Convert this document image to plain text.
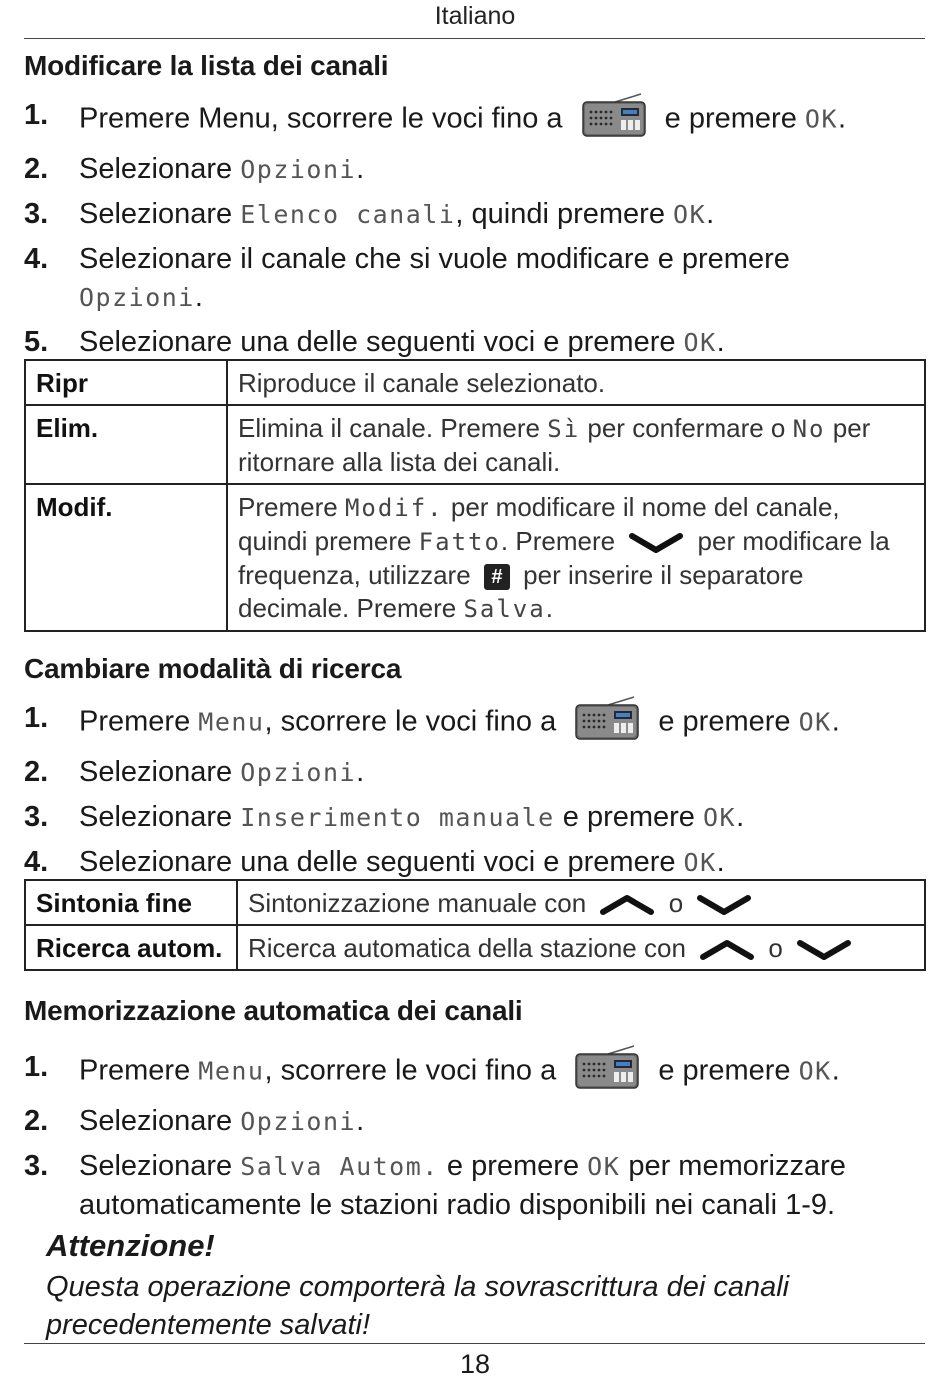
Italiano
Modificare la lista dei canali
1. Premere Menu, scorrere le voci fino a	e premere OK.
2. Selezionare Opzioni.
3. Selezionare Elenco canali, quindi premere OK.
4. Selezionare il canale che si vuole modificare e premere
Opzioni.
5. Selezionare una delle seguenti voci e premere OK.
Ripr	Riproduce il canale selezionato.
Elim.	Elimina il canale. Premere Sì per confermare o No per ritornare alla lista dei canali.
Modif.	Premere Modif. per modificare il nome del canale, quindi premere Fatto. Premere per modificare la frequenza, utilizzare # per inserire il separatore decimale. Premere Salva.
Cambiare modalità di ricerca
1. Premere Menu, scorrere le voci fino a	e premere OK.
2. Selezionare Opzioni.
3. Selezionare Inserimento manuale e premere OK.
4. Selezionare una delle seguenti voci e premere OK.
Sintonia fine	Sintonizzazione manuale con o
Ricerca autom.	Ricerca automatica della stazione con o
Memorizzazione automatica dei canali
1. Premere Menu, scorrere le voci fino a	e premere OK.
2. Selezionare Opzioni.
3. Selezionare Salva Autom. e premere OK per memorizzare automaticamente le stazioni radio disponibili nei canali 1-9.
Attenzione!
Questa operazione comporterà la sovrascrittura dei canali precedentemente salvati!
18
